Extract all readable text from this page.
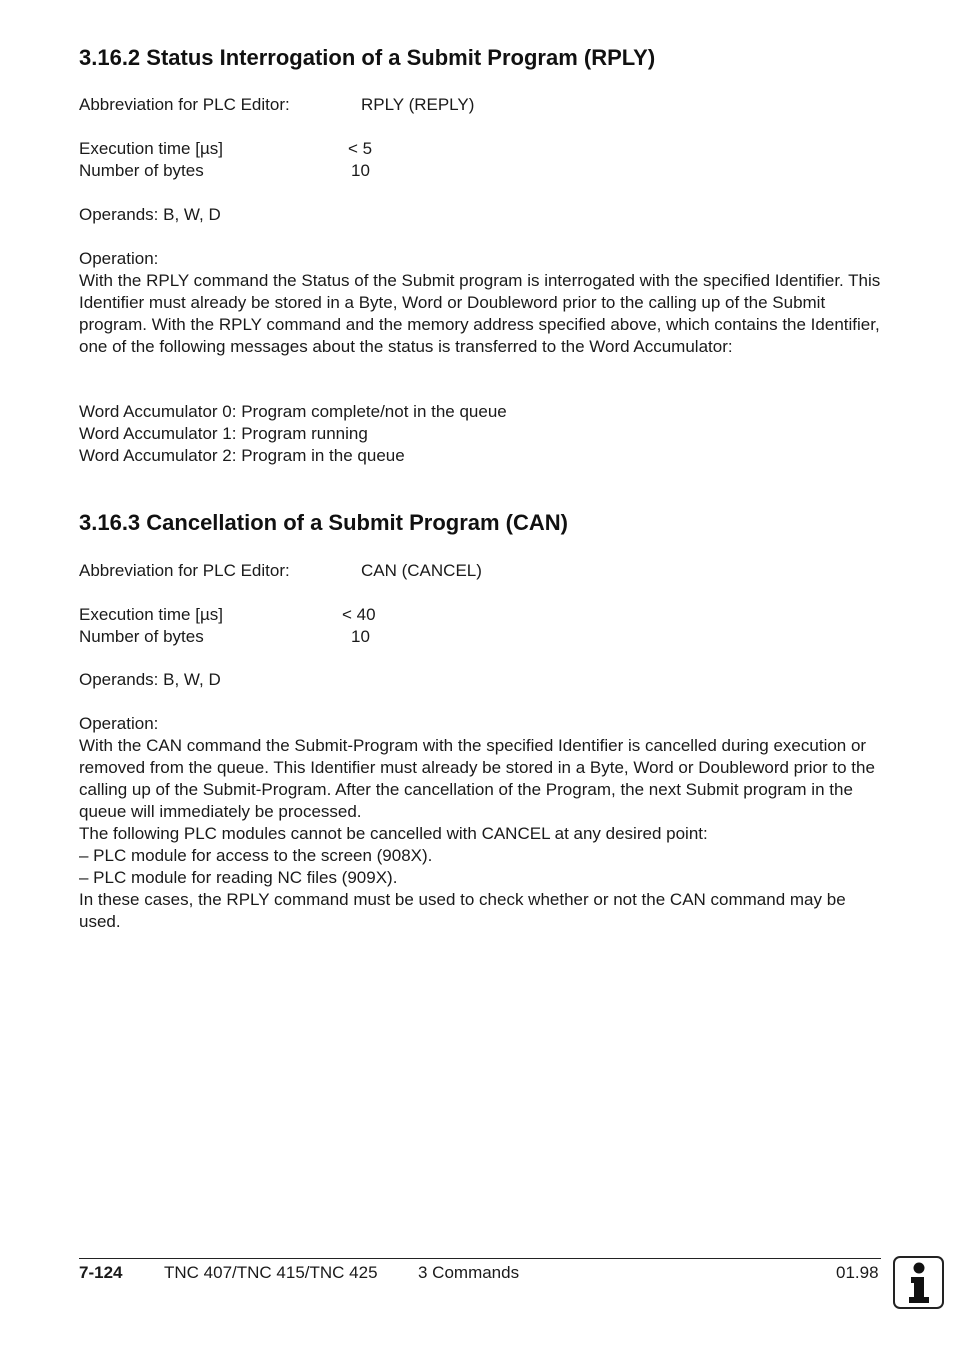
3.16.2 Status Interrogation of a Submit Program (RPLY)
Abbreviation for PLC Editor:	RPLY (REPLY)
Execution time [µs]	< 5
Number of bytes	10
Operands: B, W, D
Operation:

With the RPLY command the Status of the Submit program is interrogated with the specified Identifier. This Identifier must already be stored in a Byte, Word or Doubleword prior to the calling up of the Submit program. With the RPLY command and the memory address specified above, which contains the Identifier, one of the following messages about the status is transferred to the Word Accumulator:

Word Accumulator 0: Program complete/not in the queue
Word Accumulator 1: Program running
Word Accumulator 2: Program in the queue
3.16.3 Cancellation of a Submit Program (CAN)
Abbreviation for PLC Editor:	CAN (CANCEL)
Execution time [µs]	< 40
Number of bytes	10
Operands: B, W, D
Operation:

With the CAN command the Submit-Program with the specified Identifier is cancelled during execution or removed from the queue. This Identifier must already be stored in a Byte, Word or Doubleword prior to the calling up of the Submit-Program. After the cancellation of the Program, the next Submit program in the queue will immediately be processed.

The following PLC modules cannot be cancelled with CANCEL at any desired point:

– PLC module for access to the screen (908X).

– PLC module for reading NC files (909X).

In these cases, the RPLY command must be used to check whether or not the CAN command may be used.

7-124 TNC 407/TNC 415/TNC 425 3 Commands	01.98
